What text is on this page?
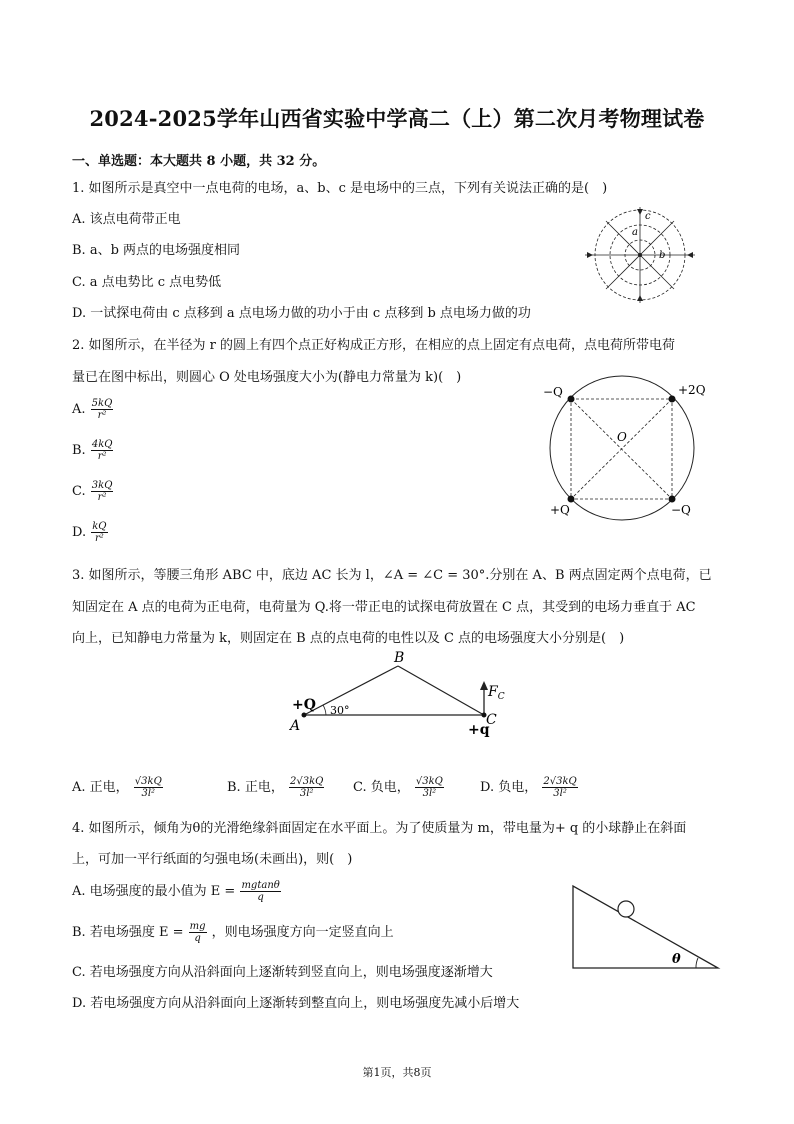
2024-2025学年山西省实验中学高二（上）第二次月考物理试卷
一、单选题：本大题共 8 小题，共 32 分。
1. 如图所示是真空中一点电荷的电场，a、b、c 是电场中的三点，下列有关说法正确的是(　)
A. 该点电荷带正电
B. a、b 两点的电场强度相同
C. a 点电势比 c 点电势低
D. 一试探电荷由 c 点移到 a 点电场力做的功小于由 c 点移到 b 点电场力做的功
c
a
b
2. 如图所示，在半径为 r 的圆上有四个点正好构成正方形，在相应的点上固定有点电荷，点电荷所带电荷
量已在图中标出，则圆心 O 处电场强度大小为(静电力常量为 k)(　)
A. $\frac{5kQ}{\text{r²}}$
B. $\frac{4kQ}{\text{r²}}$
C. $\frac{3kQ}{\text{r²}}$
D. $\frac{kQ}{\text{r²}}$
−Q	+2Q
+Q	−Q
O
3. 如图所示，等腰三角形 ABC 中，底边 AC 长为 l，∠A = ∠C = 30°.分别在 A、B 两点固定两个点电荷，已
知固定在 A 点的电荷为正电荷，电荷量为 Q.将一带正电的试探电荷放置在 C 点，其受到的电场力垂直于 AC
向上，已知静电力常量为 k，则固定在 B 点的点电荷的电性以及 C 点的电场强度大小分别是(　)
B
A	C
+Q 30°
$F_C$
+q
A. 正电， $\frac{√3kQ}{\text{3l²}}$	B. 正电， $\frac{2√3kQ}{\text{3l²}} C$. 负电， $\frac{√3kQ}{\text{3l²}}$	D. 负电， $\frac{2√3kQ}{\text{3l²}}$
4. 如图所示，倾角为θ的光滑绝缘斜面固定在水平面上。为了使质量为 m，带电量为+ q 的小球静止在斜面
上，可加一平行纸面的匀强电场(未画出)，则(　)
A. 电场强度的最小值为 $E = \frac{mgtan\theta}{q}$
B. 若电场强度 $E = \frac{mg}{q}$ ，则电场强度方向一定竖直向上
C. 若电场强度方向从沿斜面向上逐渐转到竖直向上，则电场强度逐渐增大
D. 若电场强度方向从沿斜面向上逐渐转到整直向上，则电场强度先减小后增大
θ
第1页，共8页
